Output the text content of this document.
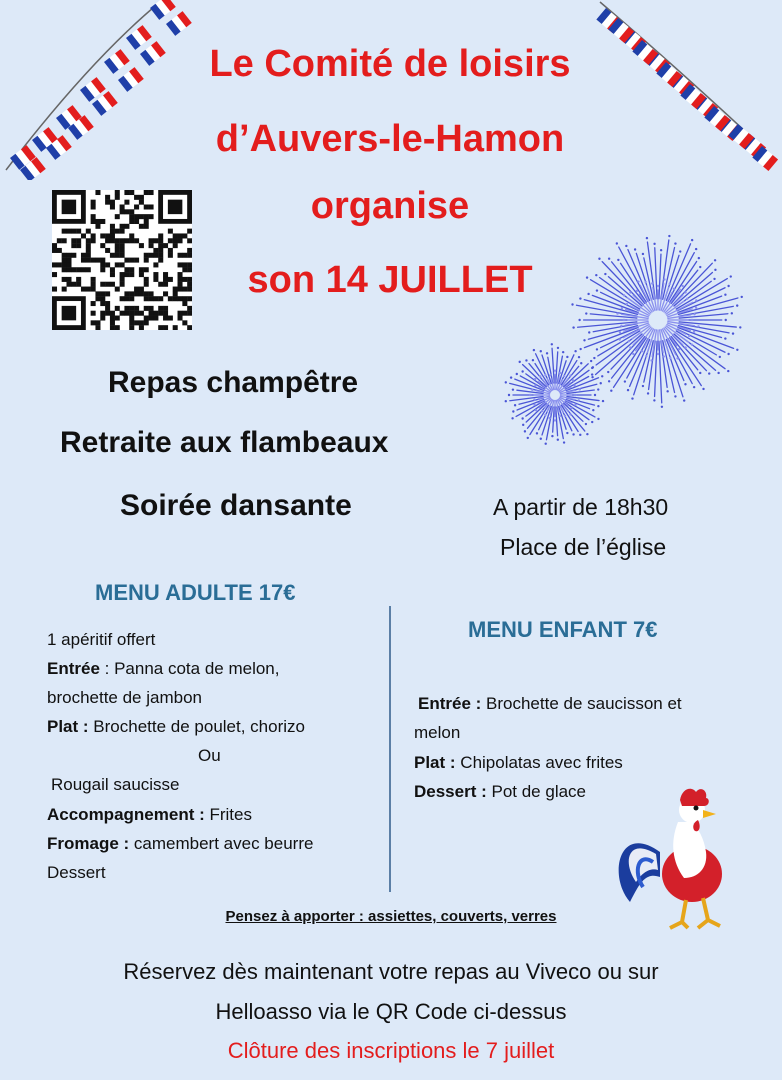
Le Comité de loisirs
d’Auvers-le-Hamon
organise
son 14 JUILLET
Repas champêtre
Retraite aux flambeaux
Soirée dansante	A partir de 18h30
Place de l’église
MENU ADULTE 17€
1 apéritif offert
Entrée : Panna cota de melon,
brochette de jambon
Plat : Brochette de poulet, chorizo
Ou
Rougail saucisse
Accompagnement : Frites
Fromage : camembert avec beurre
Dessert
MENU ENFANT 7€
Entrée : Brochette de saucisson et
melon
Plat : Chipolatas avec frites
Dessert : Pot de glace
Pensez à apporter : assiettes, couverts, verres
Réservez dès maintenant votre repas au Viveco ou sur
Helloasso via le QR Code ci-dessus
Clôture des inscriptions le 7 juillet
